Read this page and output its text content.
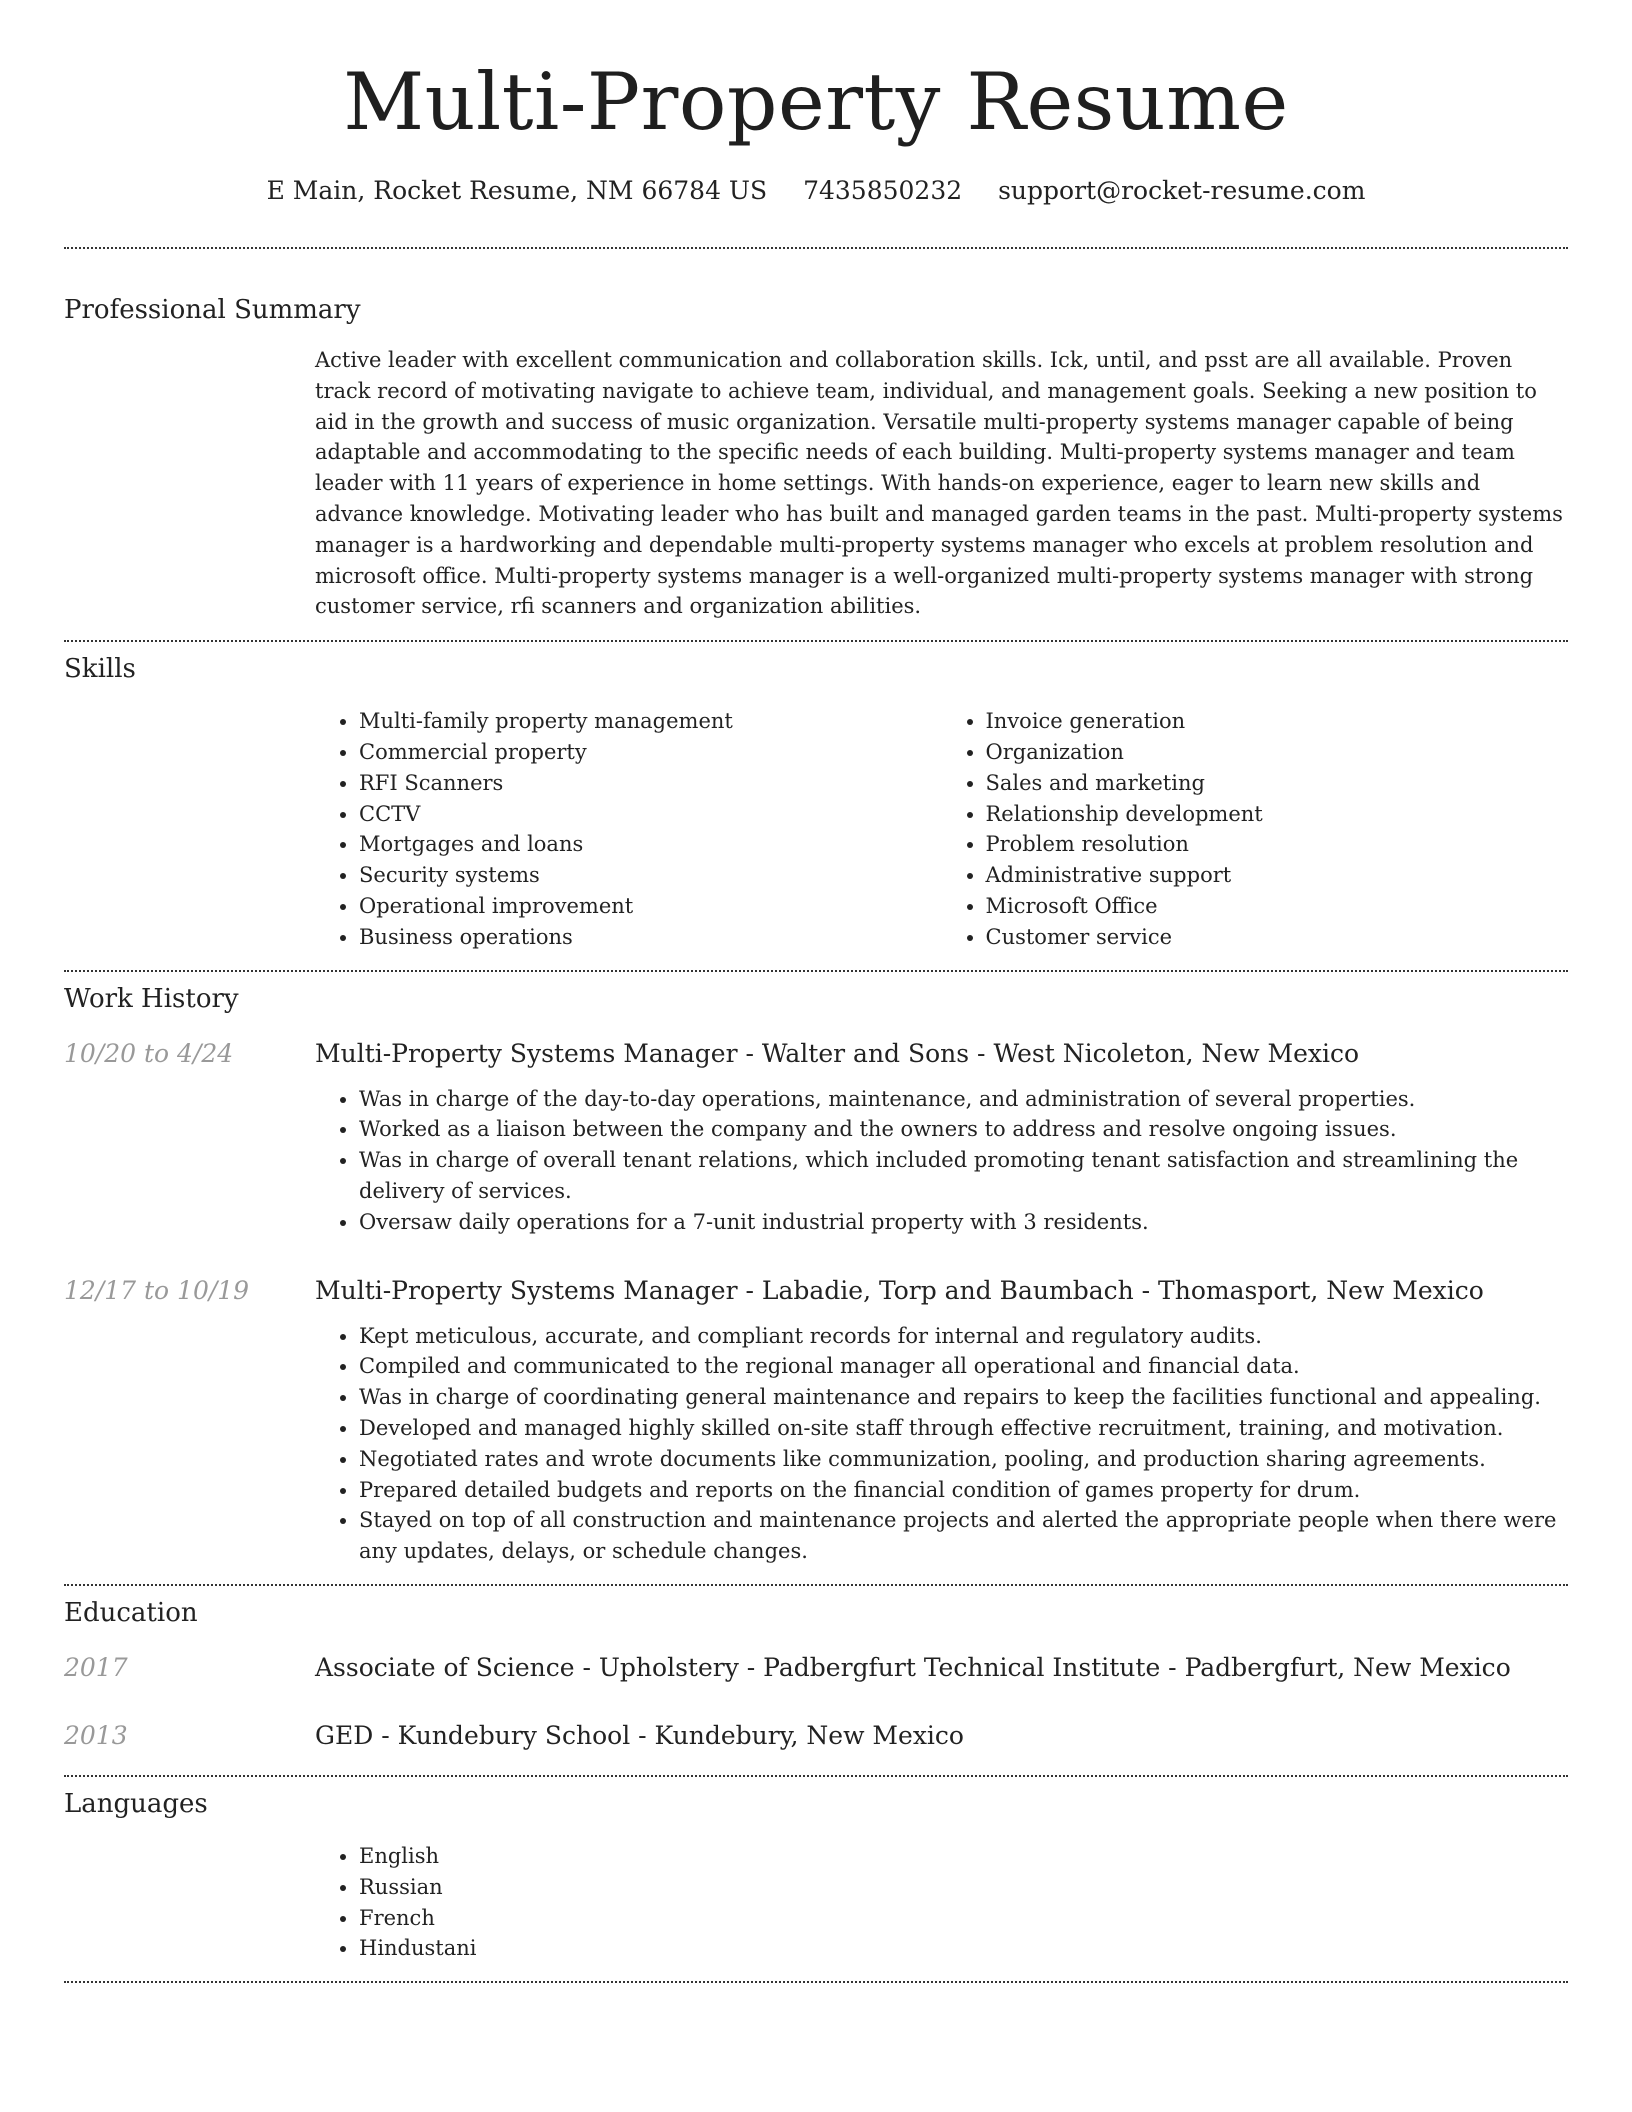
Multi-Property Resume
E Main, Rocket Resume, NM 66784 US 7435850232 support@rocket-resume.com
Professional Summary

Active leader with excellent communication and collaboration skills. Ick, until, and psst are all available. Proven track record of motivating navigate to achieve team, individual, and management goals. Seeking a new position to aid in the growth and success of music organization. Versatile multi-property systems manager capable of being adaptable and accommodating to the specific needs of each building. Multi-property systems manager and team leader with 11 years of experience in home settings. With hands-on experience, eager to learn new skills and advance knowledge. Motivating leader who has built and managed garden teams in the past. Multi-property systems manager is a hardworking and dependable multi-property systems manager who excels at problem resolution and microsoft office. Multi-property systems manager is a well-organized multi-property systems manager with strong customer service, rfi scanners and organization abilities.

Skills
• Multi-family property management
• Commercial property
• RFI Scanners
• CCTV
• Mortgages and loans
• Security systems
• Operational improvement
• Business operations
• Invoice generation
• Organization
• Sales and marketing
• Relationship development
• Problem resolution
• Administrative support
• Microsoft Office
• Customer service
Work History
10/20 to 4/24	Multi-Property Systems Manager - Walter and Sons - West Nicoleton, New Mexico
• Was in charge of the day-to-day operations, maintenance, and administration of several properties.
• Worked as a liaison between the company and the owners to address and resolve ongoing issues.
• Was in charge of overall tenant relations, which included promoting tenant satisfaction and streamlining the delivery of services.
• Oversaw daily operations for a 7-unit industrial property with 3 residents.
12/17 to 10/19	Multi-Property Systems Manager - Labadie, Torp and Baumbach - Thomasport, New Mexico
• Kept meticulous, accurate, and compliant records for internal and regulatory audits.
• Compiled and communicated to the regional manager all operational and financial data.
• Was in charge of coordinating general maintenance and repairs to keep the facilities functional and appealing.
• Developed and managed highly skilled on-site staff through effective recruitment, training, and motivation.
• Negotiated rates and wrote documents like communization, pooling, and production sharing agreements.
• Prepared detailed budgets and reports on the financial condition of games property for drum.
• Stayed on top of all construction and maintenance projects and alerted the appropriate people when there were any updates, delays, or schedule changes.
Education
2017	Associate of Science - Upholstery - Padbergfurt Technical Institute - Padbergfurt, New Mexico
2013	GED - Kundebury School - Kundebury, New Mexico
Languages
• English
• Russian
• French
• Hindustani
